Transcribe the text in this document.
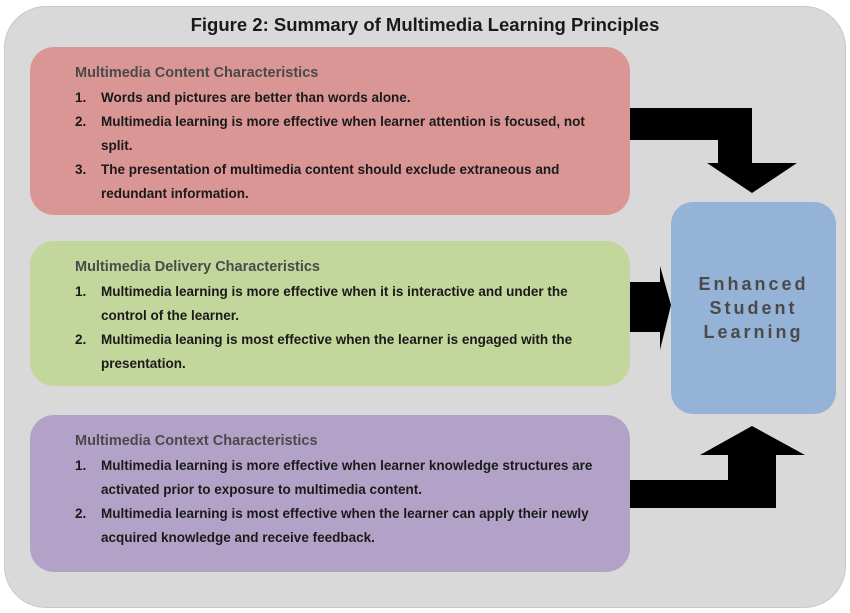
Figure 2: Summary of Multimedia Learning Principles
Multimedia Content Characteristics
1. Words and pictures are better than words alone.
2. Multimedia learning is more effective when learner attention is focused, not split.
3. The presentation of multimedia content should exclude extraneous and redundant information.
Multimedia Delivery Characteristics
1. Multimedia learning is more effective when it is interactive and under the control of the learner.
2. Multimedia leaning is most effective when the learner is engaged with the presentation.
Multimedia Context Characteristics
1. Multimedia learning is more effective when learner knowledge structures are activated prior to exposure to multimedia content.
2. Multimedia learning is most effective when the learner can apply their newly acquired knowledge and receive feedback.
Enhanced Student Learning
